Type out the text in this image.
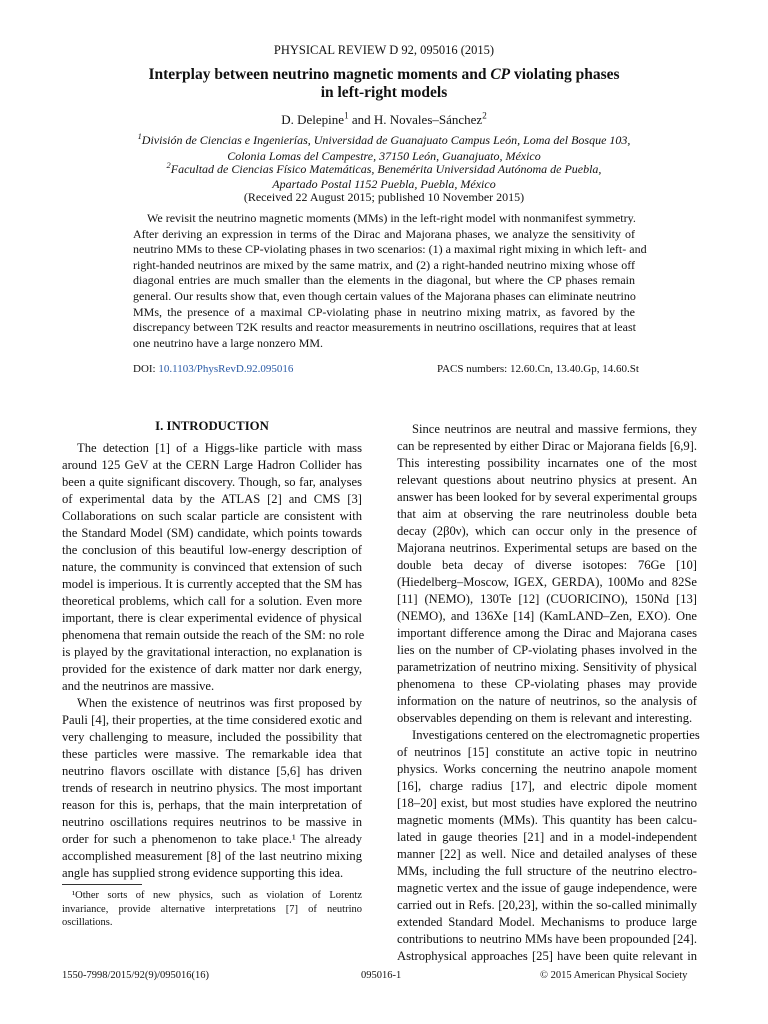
PHYSICAL REVIEW D 92, 095016 (2015)
Interplay between neutrino magnetic moments and CP violating phases
in left-right models
D. Delepine$^1$ and H. Novales–Sánchez$^2$
$^1$División de Ciencias e Ingenierías, Universidad de Guanajuato Campus León, Loma del Bosque 103,
Colonia Lomas del Campestre, 37150 León, Guanajuato, México
$^2$Facultad de Ciencias Físico Matemáticas, Benemérita Universidad Autónoma de Puebla,
Apartado Postal 1152 Puebla, Puebla, México
(Received 22 August 2015; published 10 November 2015)
We revisit the neutrino magnetic moments (MMs) in the left-right model with nonmanifest symmetry.
After deriving an expression in terms of the Dirac and Majorana phases, we analyze the sensitivity of
neutrino MMs to these CP-violating phases in two scenarios: (1) a maximal right mixing in which left- and
right-handed neutrinos are mixed by the same matrix, and (2) a right-handed neutrino mixing whose off
diagonal entries are much smaller than the elements in the diagonal, but where the CP phases remain
general. Our results show that, even though certain values of the Majorana phases can eliminate neutrino
MMs, the presence of a maximal CP-violating phase in neutrino mixing matrix, as favored by the
discrepancy between T2K results and reactor measurements in neutrino oscillations, requires that at least
one neutrino have a large nonzero MM.
DOI: 10.1103/PhysRevD.92.095016	PACS numbers: 12.60.Cn, 13.40.Gp, 14.60.St
I. INTRODUCTION
The detection [1] of a Higgs-like particle with mass
around 125 GeV at the CERN Large Hadron Collider has
been a quite significant discovery. Though, so far, analyses
of experimental data by the ATLAS [2] and CMS [3]
Collaborations on such scalar particle are consistent with
the Standard Model (SM) candidate, which points towards
the conclusion of this beautiful low-energy description of
nature, the community is convinced that extension of such
model is imperious. It is currently accepted that the SM has
theoretical problems, which call for a solution. Even more
important, there is clear experimental evidence of physical
phenomena that remain outside the reach of the SM: no role
is played by the gravitational interaction, no explanation is
provided for the existence of dark matter nor dark energy,
and the neutrinos are massive.
When the existence of neutrinos was first proposed by
Pauli [4], their properties, at the time considered exotic and
very challenging to measure, included the possibility that
these particles were massive. The remarkable idea that
neutrino flavors oscillate with distance [5,6] has driven
trends of research in neutrino physics. The most important
reason for this is, perhaps, that the main interpretation of
neutrino oscillations requires neutrinos to be massive in
order for such a phenomenon to take place.¹ The already
accomplished measurement [8] of the last neutrino mixing
angle has supplied strong evidence supporting this idea.
Since neutrinos are neutral and massive fermions, they
can be represented by either Dirac or Majorana fields [6,9].
This interesting possibility incarnates one of the most
relevant questions about neutrino physics at present. An
answer has been looked for by several experimental groups
that aim at observing the rare neutrinoless double beta
decay (2β0ν), which can occur only in the presence of
Majorana neutrinos. Experimental setups are based on the
double beta decay of diverse isotopes: 76Ge [10]
(Hiedelberg–Moscow, IGEX, GERDA), 100Mo and 82Se
[11] (NEMO), 130Te [12] (CUORICINO), 150Nd [13]
(NEMO), and 136Xe [14] (KamLAND–Zen, EXO). One
important difference among the Dirac and Majorana cases
lies on the number of CP-violating phases involved in the
parametrization of neutrino mixing. Sensitivity of physical
phenomena to these CP-violating phases may provide
information on the nature of neutrinos, so the analysis of
observables depending on them is relevant and interesting.
Investigations centered on the electromagnetic properties
of neutrinos [15] constitute an active topic in neutrino
physics. Works concerning the neutrino anapole moment
[16], charge radius [17], and electric dipole moment
[18–20] exist, but most studies have explored the neutrino
magnetic moments (MMs). This quantity has been calcu-
lated in gauge theories [21] and in a model-independent
manner [22] as well. Nice and detailed analyses of these
MMs, including the full structure of the neutrino electro-
magnetic vertex and the issue of gauge independence, were
carried out in Refs. [20,23], within the so-called minimally
extended Standard Model. Mechanisms to produce large
contributions to neutrino MMs have been propounded [24].
Astrophysical approaches [25] have been quite relevant in
¹Other sorts of new physics, such as violation of Lorentz
invariance, provide alternative interpretations [7] of neutrino
oscillations.
1550-7998/2015/92(9)/095016(16)	095016-1	© 2015 American Physical Society
